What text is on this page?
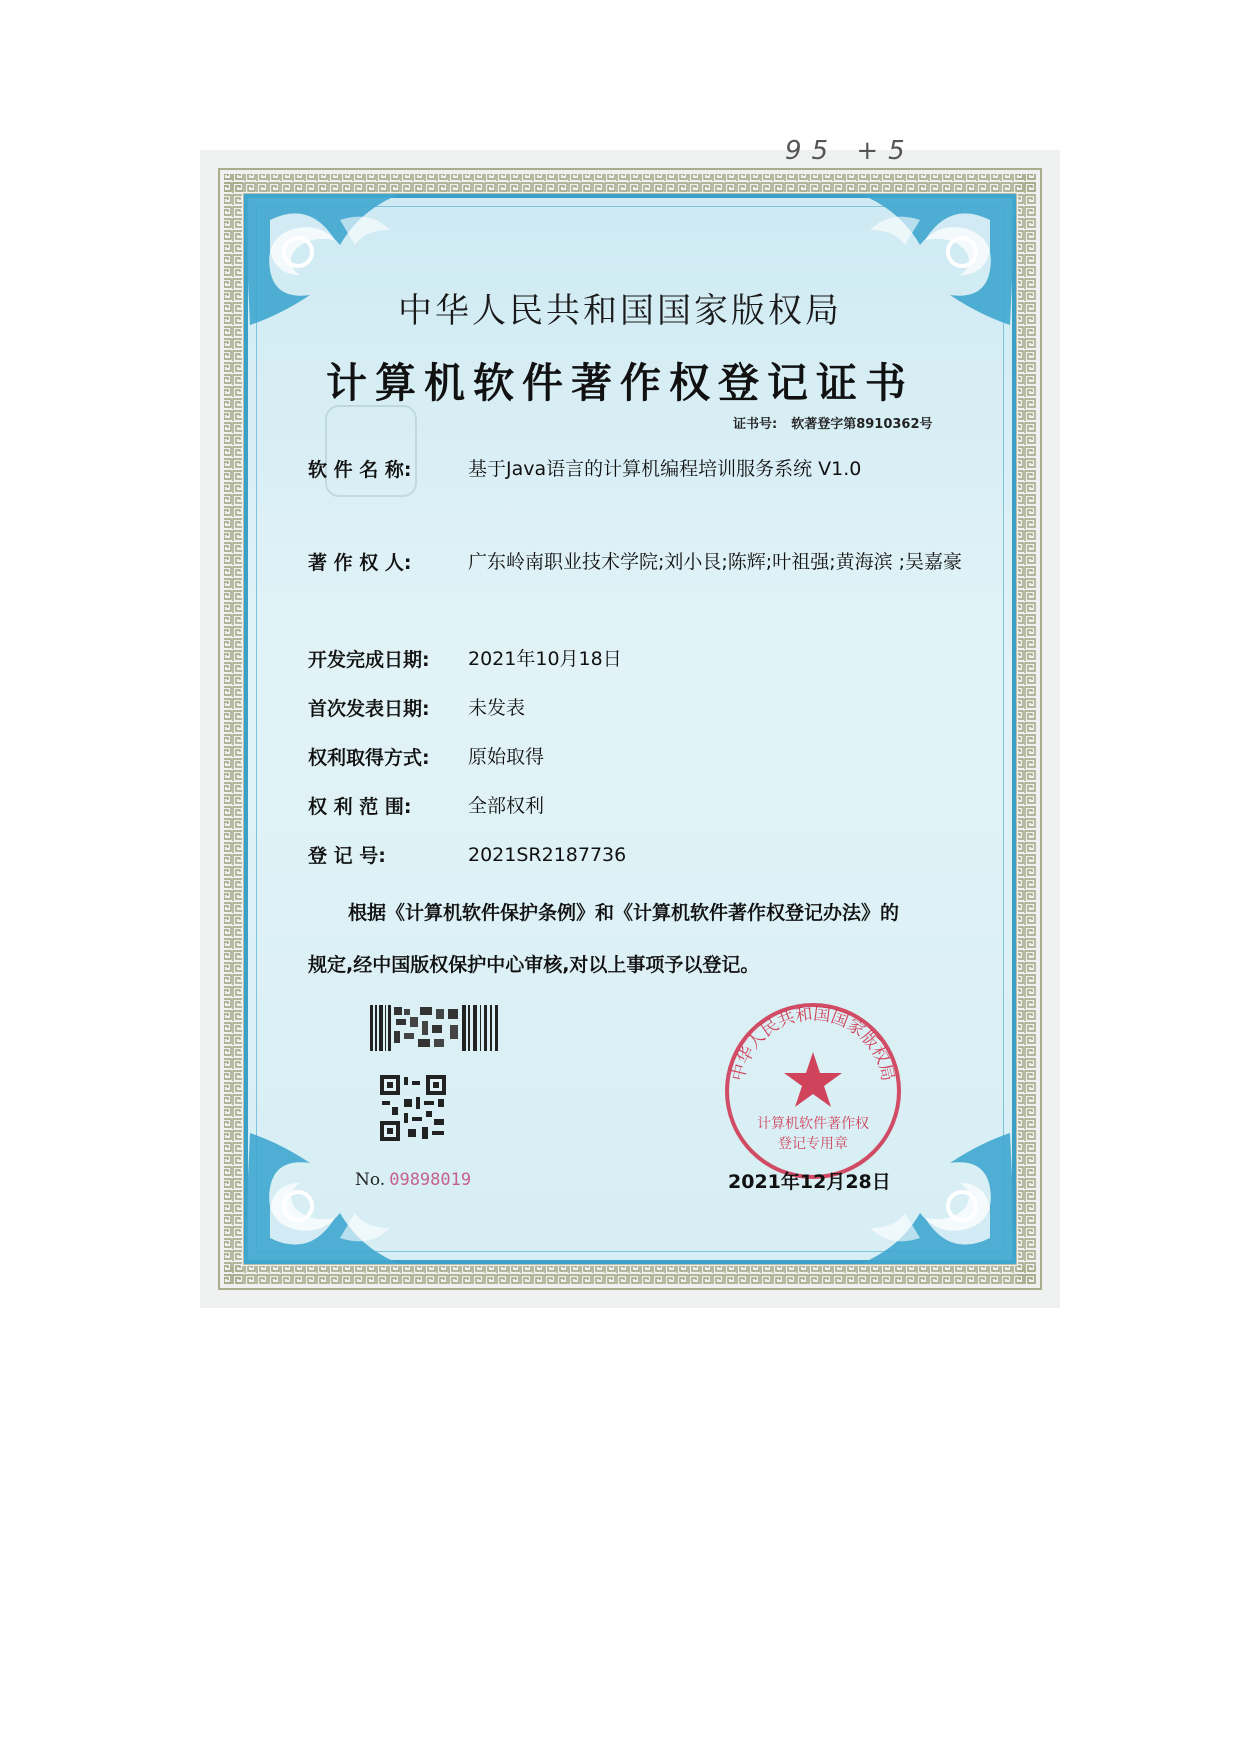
95 +5
中华人民共和国国家版权局
计算机软件著作权登记证书
证书号: 软著登字第8910362号
软 件 名 称:	基于Java语言的计算机编程培训服务系统 V1.0
著 作 权 人:	广东岭南职业技术学院;刘小艮;陈辉;叶祖强;黄海滨 ;吴嘉豪
开发完成日期: 2021年10月18日
首次发表日期: 未发表
权利取得方式: 原始取得
权 利 范 围:	全部权利
登 记 号:	2021SR2187736
根据《计算机软件保护条例》和《计算机软件著作权登记办法》的
规定,经中国版权保护中心审核,对以上事项予以登记。
No. 09898019
中华人民共和国国家版权局
计算机软件著作权
登记专用章
2021年12月28日
